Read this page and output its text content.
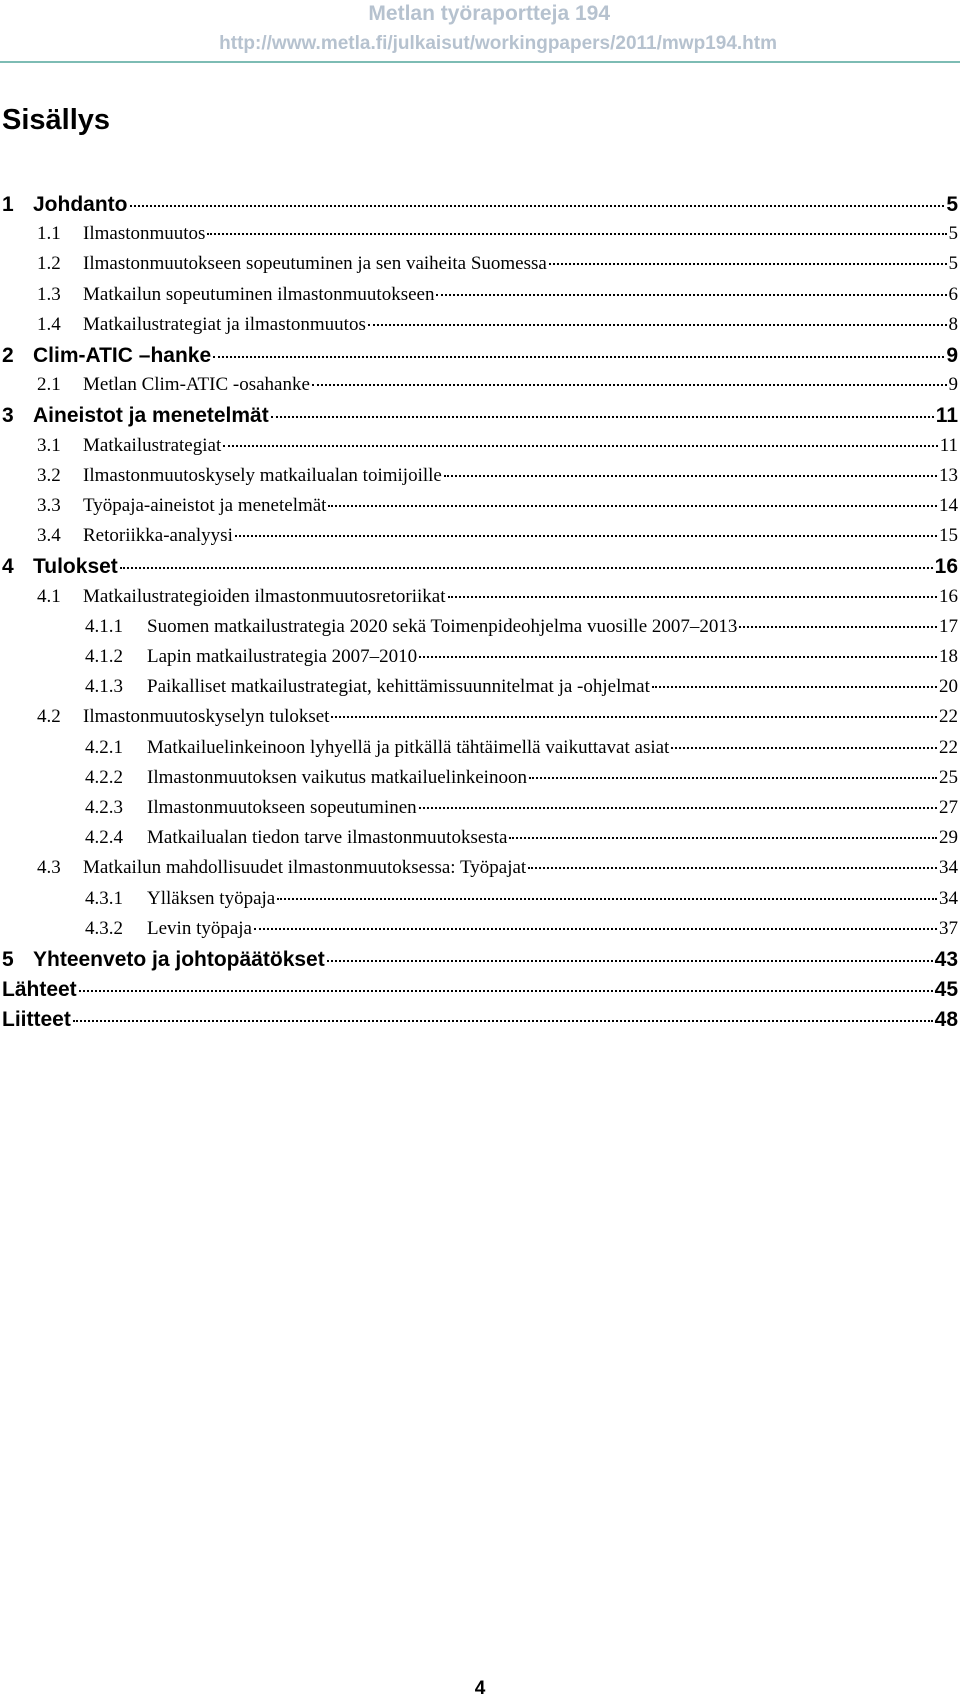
Metlan työraportteja 194
http://www.metla.fi/julkaisut/workingpapers/2011/mwp194.htm
Sisällys
1 Johdanto	5
1.1	Ilmastonmuutos	5
1.2	Ilmastonmuutokseen sopeutuminen ja sen vaiheita Suomessa	5
1.3	Matkailun sopeutuminen ilmastonmuutokseen	6
1.4	Matkailustrategiat ja ilmastonmuutos	8
2 Clim-ATIC –hanke	9
2.1	Metlan Clim-ATIC -osahanke	9
3 Aineistot ja menetelmät	11
3.1	Matkailustrategiat	11
3.2	Ilmastonmuutoskysely matkailualan toimijoille	13
3.3	Työpaja-aineistot ja menetelmät	14
3.4	Retoriikka-analyysi	15
4 Tulokset	16
4.1	Matkailustrategioiden ilmastonmuutosretoriikat	16
4.1.1	Suomen matkailustrategia 2020 sekä Toimenpideohjelma vuosille 2007–2013	17
4.1.2	Lapin matkailustrategia 2007–2010	18
4.1.3	Paikalliset matkailustrategiat, kehittämissuunnitelmat ja -ohjelmat	20
4.2	Ilmastonmuutoskyselyn tulokset	22
4.2.1	Matkailuelinkeinoon lyhyellä ja pitkällä tähtäimellä vaikuttavat asiat	22
4.2.2	Ilmastonmuutoksen vaikutus matkailuelinkeinoon	25
4.2.3	Ilmastonmuutokseen sopeutuminen	27
4.2.4	Matkailualan tiedon tarve ilmastonmuutoksesta	29
4.3	Matkailun mahdollisuudet ilmastonmuutoksessa: Työpajat	34
4.3.1	Ylläksen työpaja	34
4.3.2	Levin työpaja	37
5 Yhteenveto ja johtopäätökset	43
Lähteet	45
Liitteet	48
4
